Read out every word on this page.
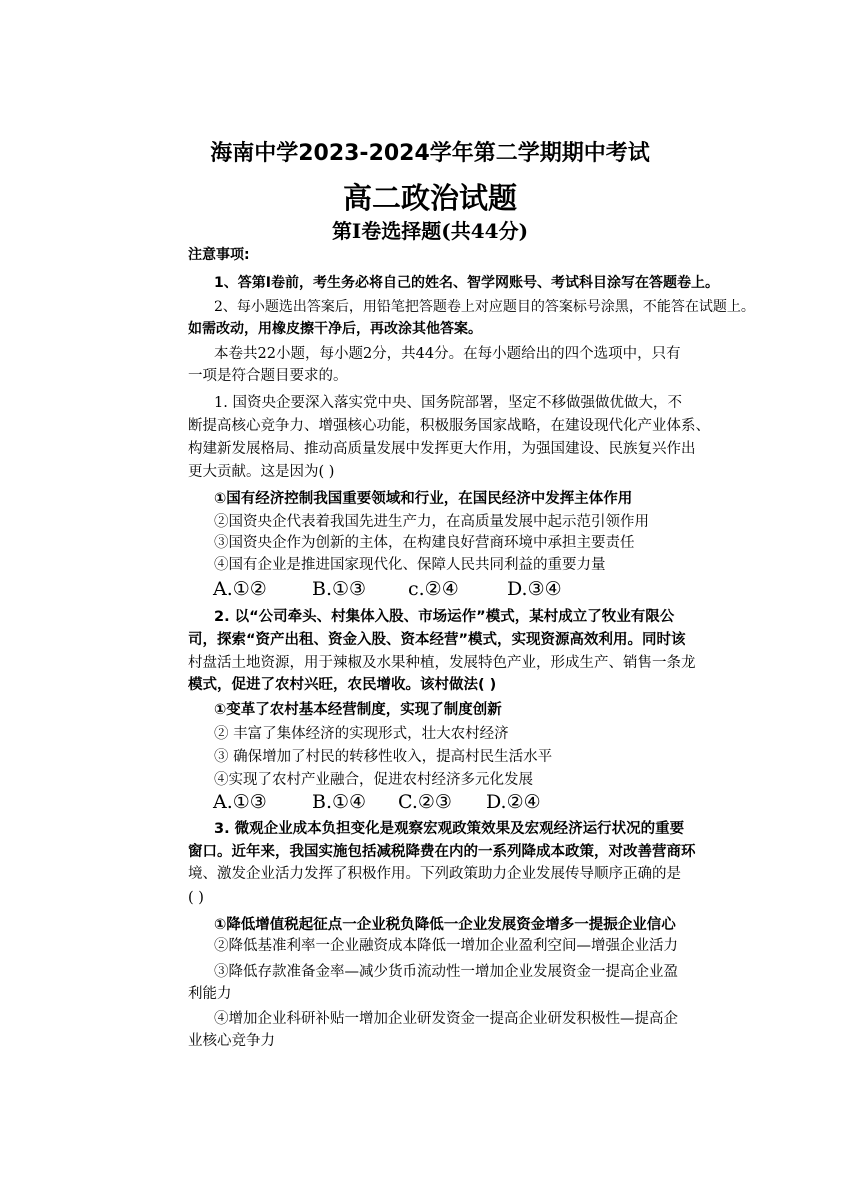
海南中学2023-2024学年第二学期期中考试
高二政治试题
第Ⅰ卷选择题(共44分)
注意事项:
1、答第Ⅰ卷前，考生务必将自己的姓名、智学网账号、考试科目涂写在答题卷上。
2、每小题选出答案后，用铅笔把答题卷上对应题目的答案标号涂黑，不能答在试题上。
如需改动，用橡皮擦干净后，再改涂其他答案。
本卷共22小题，每小题2分，共44分。在每小题给出的四个选项中，只有
一项是符合题目要求的。
1. 国资央企要深入落实党中央、国务院部署，坚定不移做强做优做大，不
断提高核心竞争力、增强核心功能，积极服务国家战略，在建设现代化产业体系、
构建新发展格局、推动高质量发展中发挥更大作用，为强国建设、民族复兴作出
更大贡献。这是因为( )
①国有经济控制我国重要领域和行业，在国民经济中发挥主体作用
②国资央企代表着我国先进生产力，在高质量发展中起示范引领作用
③国资央企作为创新的主体，在构建良好营商环境中承担主要责任
④国有企业是推进国家现代化、保障人民共同利益的重要力量
A.①② B.①③ c.②④	D.③④
2. 以“公司牵头、村集体入股、市场运作”模式，某村成立了牧业有限公
司，探索“资产出租、资金入股、资本经营”模式，实现资源高效利用。同时该
村盘活土地资源，用于辣椒及水果种植，发展特色产业，形成生产、销售一条龙
模式，促进了农村兴旺，农民增收。该村做法( )
①变革了农村基本经营制度，实现了制度创新
② 丰富了集体经济的实现形式，壮大农村经济
③ 确保增加了村民的转移性收入，提高村民生活水平
④实现了农村产业融合，促进农村经济多元化发展
A.①③ B.①④ C.②③ D.②④
3. 微观企业成本负担变化是观察宏观政策效果及宏观经济运行状况的重要
窗口。近年来，我国实施包括减税降费在内的一系列降成本政策，对改善营商环
境、激发企业活力发挥了积极作用。下列政策助力企业发展传导顺序正确的是
( )
①降低增值税起征点一企业税负降低一企业发展资金增多一提振企业信心
②降低基准利率一企业融资成本降低一增加企业盈利空间—增强企业活力
③降低存款准备金率—减少货币流动性一增加企业发展资金一提高企业盈
利能力
④增加企业科研补贴一增加企业研发资金一提高企业研发积极性—提高企
业核心竞争力
